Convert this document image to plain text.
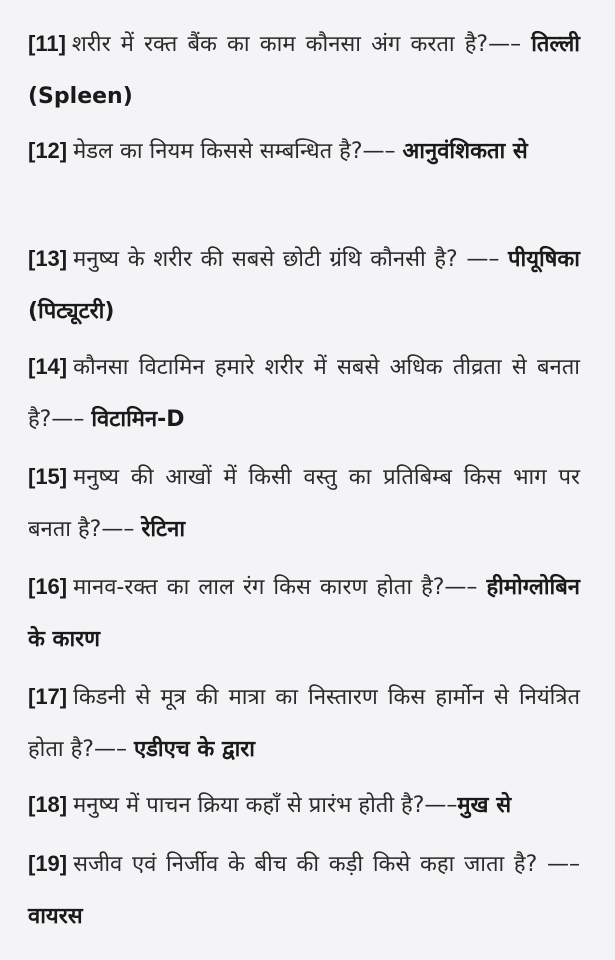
[11] शरीर में रक्त बैंक का काम कौनसा अंग करता है?—– तिल्ली (Spleen)
[12] मेडल का नियम किससे सम्बन्धित है?—– आनुवंशिकता से
[13] मनुष्य के शरीर की सबसे छोटी ग्रंथि कौनसी है? —– पीयूषिका (पिट्यूटरी)
[14] कौनसा विटामिन हमारे शरीर में सबसे अधिक तीव्रता से बनता है?—– विटामिन-D
[15] मनुष्य की आखों में किसी वस्तु का प्रतिबिम्ब किस भाग पर बनता है?—– रेटिना
[16] मानव-रक्त का लाल रंग किस कारण होता है?—– हीमोग्लोबिन के कारण
[17] किडनी से मूत्र की मात्रा का निस्तारण किस हार्मोन से नियंत्रित होता है?—– एडीएच के द्वारा
[18] मनुष्य में पाचन क्रिया कहाँ से प्रारंभ होती है?—–मुख से
[19] सजीव एवं निर्जीव के बीच की कड़ी किसे कहा जाता है? —– वायरस
